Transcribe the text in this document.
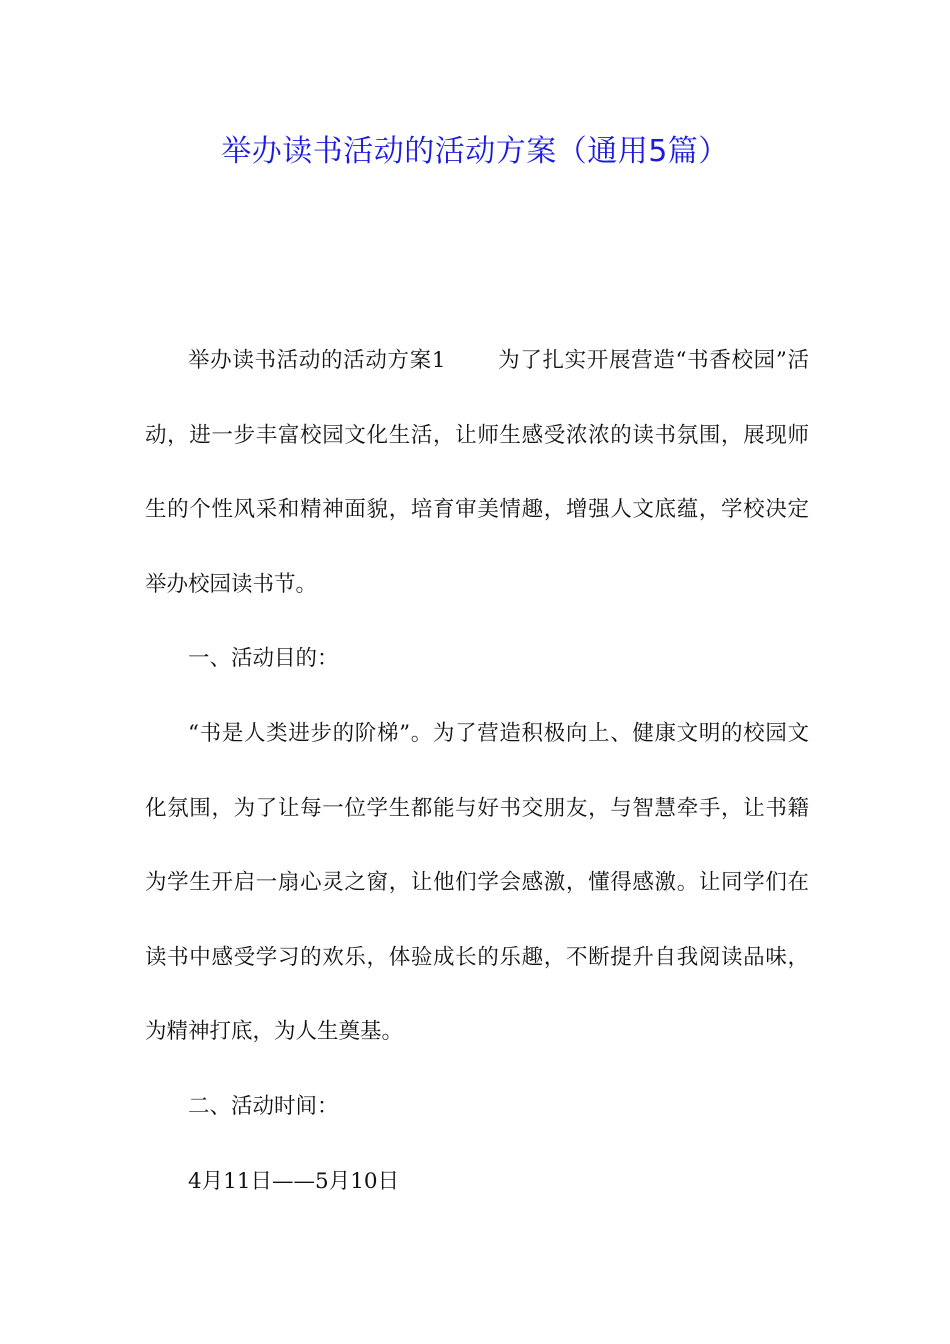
举办读书活动的活动方案（通用5篇）

举办读书活动的活动方案1 为了扎实开展营造“书香校园”活动，进一步丰富校园文化生活，让师生感受浓浓的读书氛围，展现师生的个性风采和精神面貌，培育审美情趣，增强人文底蕴，学校决定举办校园读书节。

一、活动目的：

“书是人类进步的阶梯”。为了营造积极向上、健康文明的校园文化氛围，为了让每一位学生都能与好书交朋友，与智慧牵手，让书籍为学生开启一扇心灵之窗，让他们学会感激，懂得感激。让同学们在读书中感受学习的欢乐，体验成长的乐趣，不断提升自我阅读品味，为精神打底，为人生奠基。

二、活动时间：

4月11日——5月10日
